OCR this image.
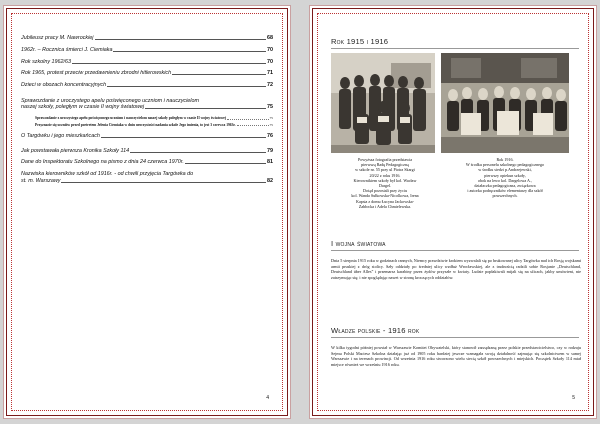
Jubileusz pracy M. Nawrockiej	68
1962r. – Rocznica śmierci J. Ciemiaka	70
Rok szkolny 1962/63	70
Rok 1965, protest przeciw przedawnieniu zbrodni hitlerowskich	71
Dzieci w obozach koncentracyjnych	72
Sprawozdanie z uroczystego apelu poświęconego uczniom i nauczycielom
naszej szkoły, poległym w czasie II wojny światowej	75
Sprawozdanie z uroczystego apelu poświęconego uczniom i nauczycielom naszej szkoły poległym w czasie II wojny światowej	75
Przyznacie się uczniów przed portretem Jelenia Ciemiaka w dniu uroczystości nadania szkole Jego imienia, to jest 3 czerwca 1963r.	75
O Targówku i jego mieszkańcach	76
Jak powstawała pierwsza Kronika Szkoły 114	79
Dane do Inspektoratu Szkolnego na pismo z dnia 24 czerwca 1970r.	81
Nazwiska kierowników szkół od 1916r. - od chwili przyjęcia Targówka do
st. m. Warszawy	82
4
Rok 1915 i 1916
Powyższa fotografia przedstawia
pierwszą Radę Pedagogiczną
w szkole nr. 55 przy ul Piotra Skargi
20/22 z roku 1916.
Kierownikiem szkoły był kol. Wacław
Dargel.
Dotąd pozostali przy życiu
kol. Wanda Sułkowska-Nicolkowa, Irena
Kapsia z domu Łucyna Jackowska-
Zabłocka i Adela Chmielewska.
Rok 1916.
W środku personelu szkolnego pedagogicznego
w środku siedzi p.Andrzejewski,
pierwszy opiekun szkoły,
obok na lewo kol. Dargelowa A.,
działaczka pedagogiczna, związkowa
i autorka podręczników elementarzy dla szkół
powszechnych.
I wojna światowa
Dnia 5 sierpnia 1915 roku w godzinach rannych, Niemcy prawdziwie krokiem wyzwalali się po brukowanej ulicy Targówka nad ich Rosją wojskami armii pruskiej z dróg stolicy. Szły oddziały po średniej ulicy wzdłuż Wrocławskiej, ale z trudnością radzili sobie Rosjanie „Deutschland, Deutschland über Alles” i przemarsz karabiny przez żydów przyszłe w kwiaty. Ludzie popłakiwali mijali się na ulicach, jakby umówieni, nie zatrzymując się; i nie spoglądając nawet w stronę kroczących oddziałów.
Władze polskie - 1916 rok
W kilka tygodni później powstał w Warszawie Komitet Obywatelski, który stanowił zarządzaną przez polskie przedstawicielstwo, czy w rodzaju Sejmu Polski Maciesz Szkolna działając już od 1905 roku bardziej jeszcze wzmagała swoją działalność zajmując się szkolnictwem w samej Warszawie i na terenach prowincji. Od września 1916 roku stworzono wielu siecią szkół powszechnych i miejskich. Początek Szkoły 114 miał miejsce również we wrześniu 1916 roku.
5
